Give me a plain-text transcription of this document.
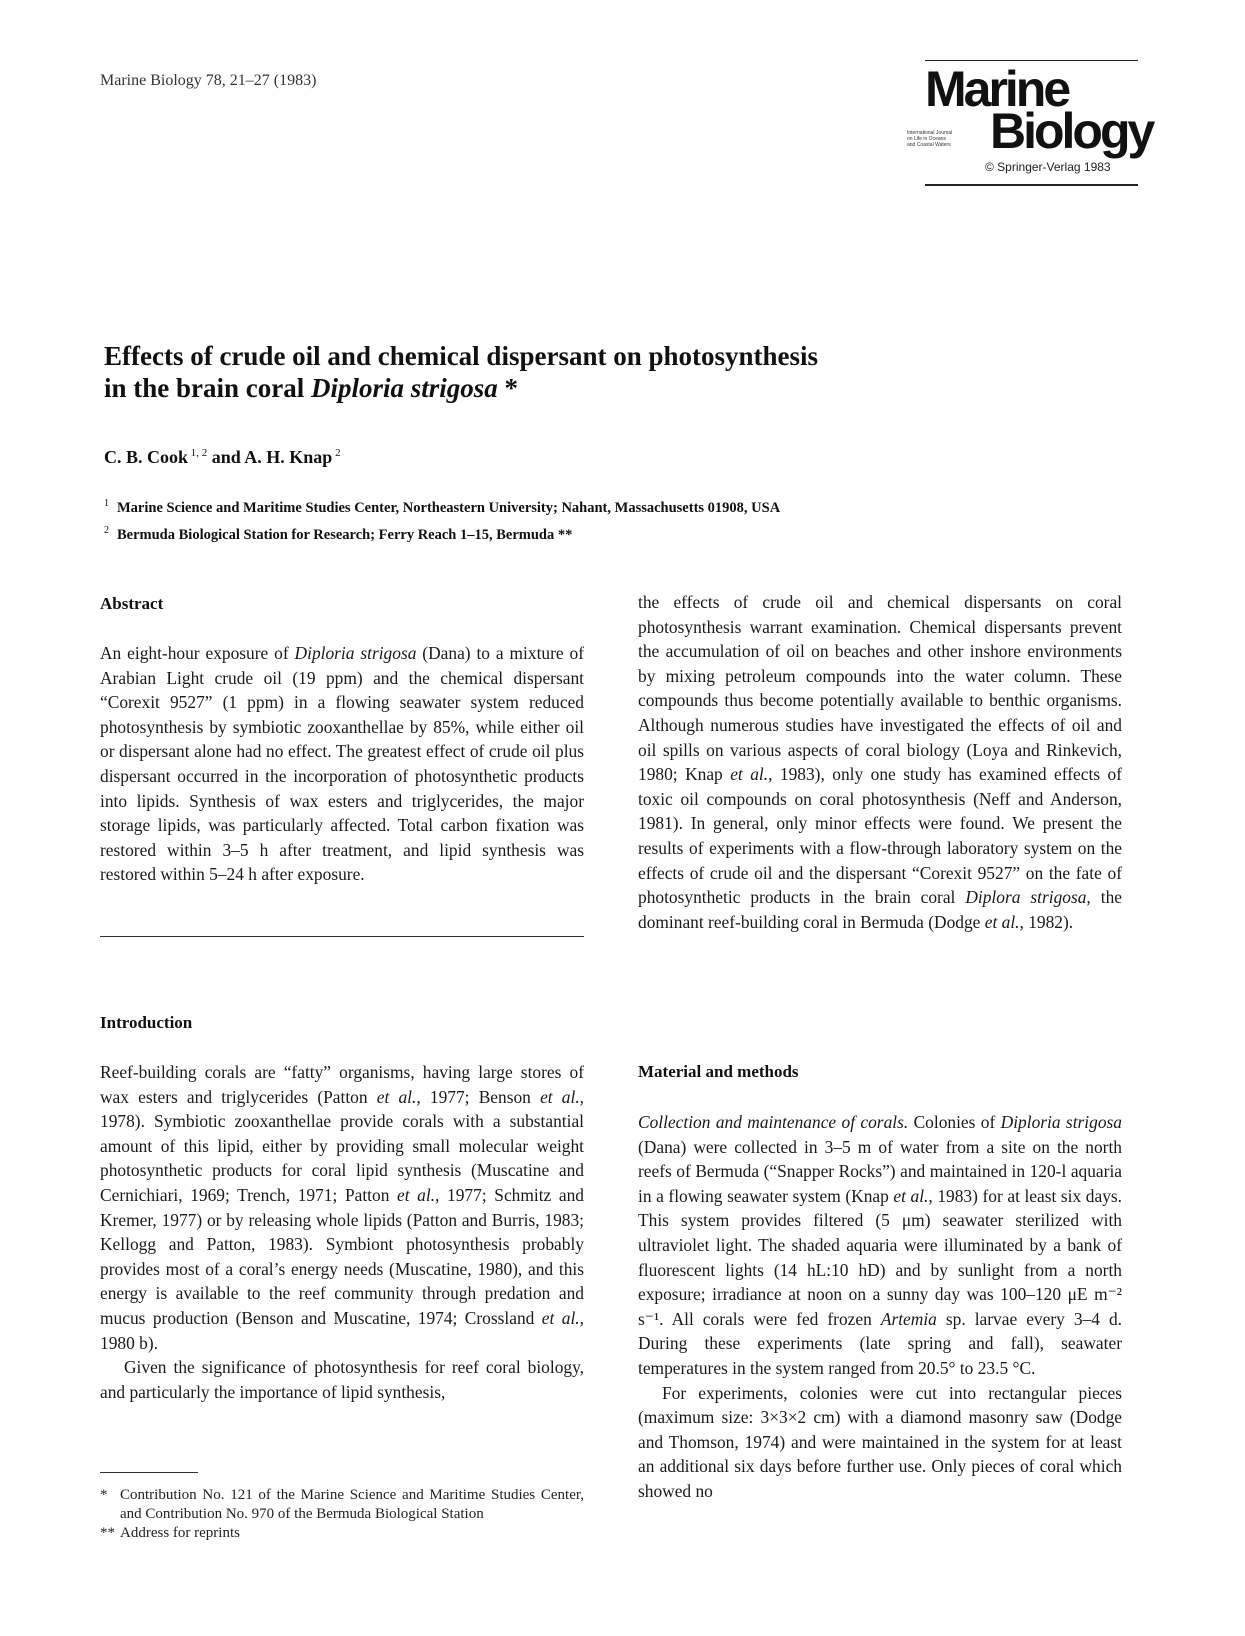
Marine Biology 78, 21–27 (1983)	Marine
International Journal
on Life in Oceans
and Coastal Waters Biology
© Springer-Verlag 1983
Effects of crude oil and chemical dispersant on photosynthesis
in the brain coral Diploria strigosa *
C. B. Cook $^{1, 2}$ and A. H. Knap $^2$
$^1$ Marine Science and Maritime Studies Center, Northeastern University; Nahant, Massachusetts 01908, USA
$^2$ Bermuda Biological Station for Research; Ferry Reach 1–15, Bermuda **
Abstract

An eight-hour exposure of Diploria strigosa (Dana) to a mixture of Arabian Light crude oil (19 ppm) and the chemical dispersant “Corexit 9527” (1 ppm) in a flowing seawater system reduced photosynthesis by symbiotic zooxanthellae by 85%, while either oil or dispersant alone had no effect. The greatest effect of crude oil plus dispersant occurred in the incorporation of photosynthetic products into lipids. Synthesis of wax esters and triglycerides, the major storage lipids, was particularly affected. Total carbon fixation was restored within 3–5 h after treatment, and lipid synthesis was restored within 5–24 h after exposure.

Introduction

Reef-building corals are “fatty” organisms, having large stores of wax esters and triglycerides (Patton et al., 1977; Benson et al., 1978). Symbiotic zooxanthellae provide corals with a substantial amount of this lipid, either by providing small molecular weight photosynthetic products for coral lipid synthesis (Muscatine and Cernichiari, 1969; Trench, 1971; Patton et al., 1977; Schmitz and Kremer, 1977) or by releasing whole lipids (Patton and Burris, 1983; Kellogg and Patton, 1983). Symbiont photosynthesis probably provides most of a coral’s energy needs (Muscatine, 1980), and this energy is available to the reef community through predation and mucus production (Benson and Muscatine, 1974; Crossland et al., 1980 b).

Given the significance of photosynthesis for reef coral biology, and particularly the importance of lipid synthesis,

* Contribution No. 121 of the Marine Science and Maritime Studies Center, and Contribution No. 970 of the Bermuda Biological Station
** Address for reprints

the effects of crude oil and chemical dispersants on coral photosynthesis warrant examination. Chemical dispersants prevent the accumulation of oil on beaches and other inshore environments by mixing petroleum compounds into the water column. These compounds thus become potentially available to benthic organisms. Although numerous studies have investigated the effects of oil and oil spills on various aspects of coral biology (Loya and Rinkevich, 1980; Knap et al., 1983), only one study has examined effects of toxic oil compounds on coral photosynthesis (Neff and Anderson, 1981). In general, only minor effects were found. We present the results of experiments with a flow-through laboratory system on the effects of crude oil and the dispersant “Corexit 9527” on the fate of photosynthetic products in the brain coral Diplora strigosa, the dominant reef-building coral in Bermuda (Dodge et al., 1982).

Material and methods

Collection and maintenance of corals. Colonies of Diploria strigosa (Dana) were collected in 3–5 m of water from a site on the north reefs of Bermuda (“Snapper Rocks”) and maintained in 120-l aquaria in a flowing seawater system (Knap et al., 1983) for at least six days. This system provides filtered (5 μm) seawater sterilized with ultraviolet light. The shaded aquaria were illuminated by a bank of fluorescent lights (14 hL:10 hD) and by sunlight from a north exposure; irradiance at noon on a sunny day was 100–120 μE m⁻² s⁻¹. All corals were fed frozen Artemia sp. larvae every 3–4 d. During these experiments (late spring and fall), seawater temperatures in the system ranged from 20.5° to 23.5 °C.

For experiments, colonies were cut into rectangular pieces (maximum size: 3×3×2 cm) with a diamond masonry saw (Dodge and Thomson, 1974) and were maintained in the system for at least an additional six days before further use. Only pieces of coral which showed no
